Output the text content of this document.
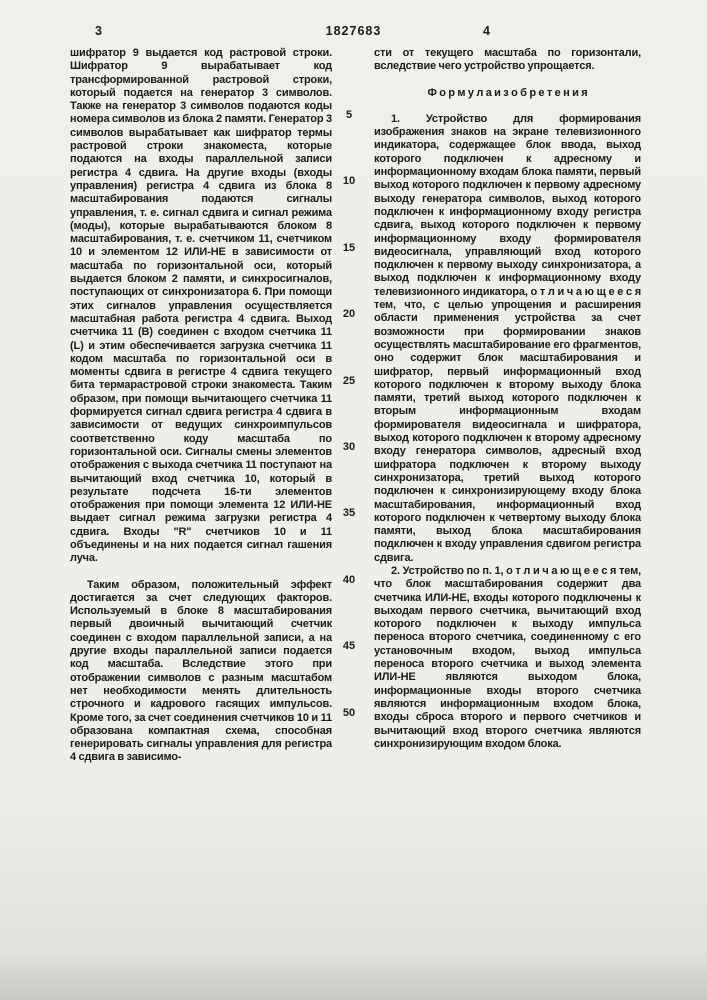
3	1827683	4

шифратор 9 выдается код растровой строки. Шифратор 9 вырабатывает код трансформированной растровой строки, который подается на генератор 3 символов. Также на генератор 3 символов подаются коды номера символов из блока 2 памяти. Генератор 3 символов вырабатывает как шифратор термы растровой строки знакоместа, которые подаются на входы параллельной записи регистра 4 сдвига. На другие входы (входы управления) регистра 4 сдвига из блока 8 масштабирования подаются сигналы управления, т. е. сигнал сдвига и сигнал режима (моды), которые вырабатываются блоком 8 масштабирования, т. е. счетчиком 11, счетчиком 10 и элементом 12 ИЛИ-НЕ в зависимости от масштаба по горизонтальной оси, который выдается блоком 2 памяти, и синхросигналов, поступающих от синхронизатора 6. При помощи этих сигналов управления осуществляется масштабная работа регистра 4 сдвига. Выход счетчика 11 (В) соединен с входом счетчика 11 (L) и этим обеспечивается загрузка счетчика 11 кодом масштаба по горизонтальной оси в моменты сдвига в регистре 4 сдвига текущего бита термарастровой строки знакоместа. Таким образом, при помощи вычитающего счетчика 11 формируется сигнал сдвига регистра 4 сдвига в зависимости от ведущих синхроимпульсов соответственно коду масштаба по горизонтальной оси. Сигналы смены элементов отображения с выхода счетчика 11 поступают на вычитающий вход счетчика 10, который в результате подсчета 16-ти элементов отображения при помощи элемента 12 ИЛИ-НЕ выдает сигнал режима загрузки регистра 4 сдвига. Входы "R" счетчиков 10 и 11 объединены и на них подается сигнал гашения луча.

Таким образом, положительный эффект достигается за счет следующих факторов. Используемый в блоке 8 масштабирования первый двоичный вычитающий счетчик соединен с входом параллельной записи, а на другие входы параллельной записи подается код масштаба. Вследствие этого при отображении символов с разным масштабом нет необходимости менять длительность строчного и кадрового гасящих импульсов. Кроме того, за счет соединения счетчиков 10 и 11 образована компактная схема, способная генерировать сигналы управления для регистра 4 сдвига в зависимо-

сти от текущего масштаба по горизонтали, вследствие чего устройство упрощается.

Ф о р м у л а и з о б р е т е н и я

1. Устройство для формирования изображения знаков на экране телевизионного индикатора, содержащее блок ввода, выход которого подключен к адресному и информационному входам блока памяти, первый выход которого подключен к первому адресному выходу генератора символов, выход которого подключен к информационному входу регистра сдвига, выход которого подключен к первому информационному входу формирователя видеосигнала, управляющий вход которого подключен к первому выходу синхронизатора, а выход подключен к информационному входу телевизионного индикатора, о т л и ч а ю щ е е с я тем, что, с целью упрощения и расширения области применения устройства за счет возможности при формировании знаков осуществлять масштабирование его фрагментов, оно содержит блок масштабирования и шифратор, первый информационный вход которого подключен к второму выходу блока памяти, третий выход которого подключен к вторым информационным входам формирователя видеосигнала и шифратора, выход которого подключен к второму адресному входу генератора символов, адресный вход шифратора подключен к второму выходу синхронизатора, третий выход которого подключен к синхронизирующему входу блока масштабирования, информационный вход которого подключен к четвертому выходу блока памяти, выход блока масштабирования подключен к входу управления сдвигом регистра сдвига.

2. Устройство по п. 1, о т л и ч а ю щ е е с я тем, что блок масштабирования содержит два счетчика ИЛИ-НЕ, входы которого подключены к выходам первого счетчика, вычитающий вход которого подключен к выходу импульса переноса второго счетчика, соединенному с его установочным входом, выход импульса переноса второго счетчика и выход элемента ИЛИ-НЕ являются выходом блока, информационные входы второго счетчика являются информационным входом блока, входы сброса второго и первого счетчиков и вычитающий вход второго счетчика являются синхронизирующим входом блока.

5
10
15
20
25
30
35
40
45
50
